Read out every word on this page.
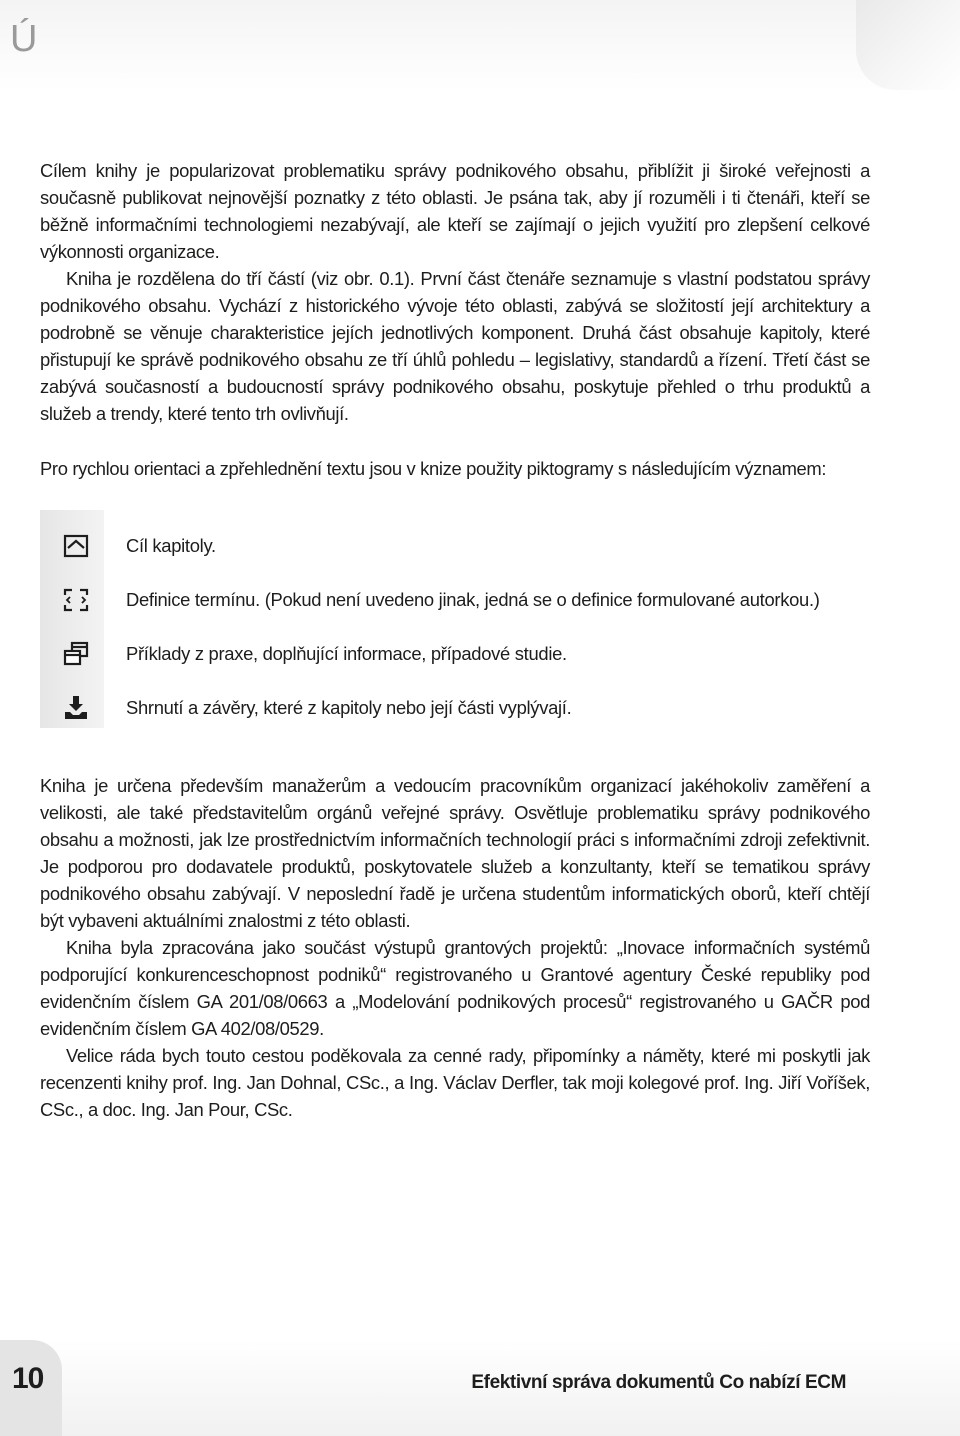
Ú

Cílem knihy je popularizovat problematiku správy podnikového obsahu, přiblížit ji široké veřejnosti a současně publikovat nejnovější poznatky z této oblasti. Je psána tak, aby jí rozuměli i ti čtenáři, kteří se běžně informačními technologiemi nezabývají, ale kteří se zajímají o jejich využití pro zlepšení celkové výkonnosti organizace.

Kniha je rozdělena do tří částí (viz obr. 0.1). První část čtenáře seznamuje s vlastní podstatou správy podnikového obsahu. Vychází z historického vývoje této oblasti, zabývá se složitostí její architektury a podrobně se věnuje charakteristice jejích jednotlivých komponent. Druhá část obsahuje kapitoly, které přistupují ke správě podnikového obsahu ze tří úhlů pohledu – legislativy, standardů a řízení. Třetí část se zabývá současností a budoucností správy podnikového obsahu, poskytuje přehled o trhu produktů a služeb a trendy, které tento trh ovlivňují.

Pro rychlou orientaci a zpřehlednění textu jsou v knize použity piktogramy s následujícím významem:

Cíl kapitoly.
Definice termínu. (Pokud není uvedeno jinak, jedná se o definice formulované autorkou.)
Příklady z praxe, doplňující informace, případové studie.
Shrnutí a závěry, které z kapitoly nebo její části vyplývají.

Kniha je určena především manažerům a vedoucím pracovníkům organizací jakéhokoliv zaměření a velikosti, ale také představitelům orgánů veřejné správy. Osvětluje problematiku správy podnikového obsahu a možnosti, jak lze prostřednictvím informačních technologií práci s informačními zdroji zefektivnit. Je podporou pro dodavatele produktů, poskytovatele služeb a konzultanty, kteří se tematikou správy podnikového obsahu zabývají. V neposlední řadě je určena studentům informatických oborů, kteří chtějí být vybaveni aktuálními znalostmi z této oblasti.

Kniha byla zpracována jako součást výstupů grantových projektů: „Inovace informačních systémů podporující konkurenceschopnost podniků“ registrovaného u Grantové agentury České republiky pod evidenčním číslem GA 201/08/0663 a „Modelování podnikových procesů“ registrovaného u GAČR pod evidenčním číslem GA 402/08/0529.

Velice ráda bych touto cestou poděkovala za cenné rady, připomínky a náměty, které mi poskytli jak recenzenti knihy prof. Ing. Jan Dohnal, CSc., a Ing. Václav Derfler, tak moji kolegové prof. Ing. Jiří Voříšek, CSc., a doc. Ing. Jan Pour, CSc.

10	Efektivní správa dokumentů Co nabízí ECM
